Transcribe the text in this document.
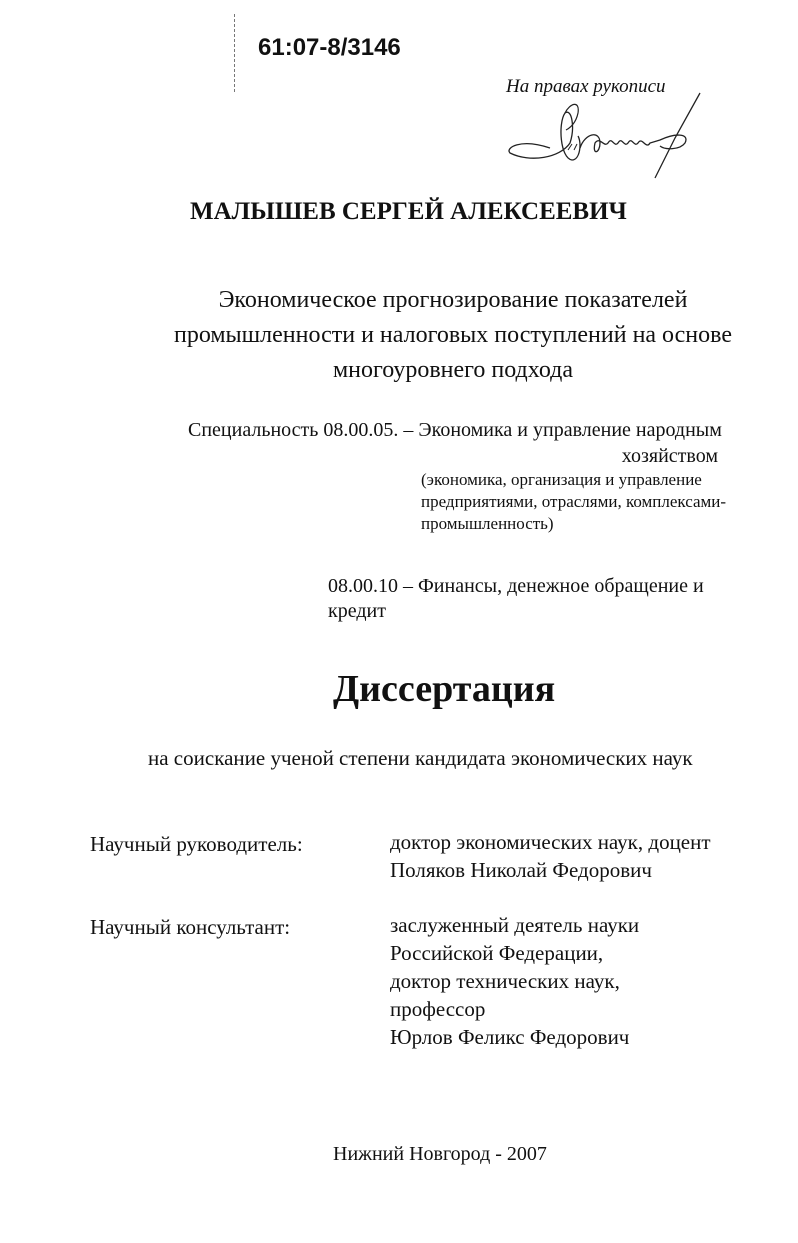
61:07-8/3146
На правах рукописи
МАЛЫШЕВ СЕРГЕЙ АЛЕКСЕЕВИЧ
Экономическое прогнозирование показателей
промышленности и налоговых поступлений на основе
многоуровнего подхода
Специальность 08.00.05. – Экономика и управление народным
хозяйством
(экономика, организация и управление
предприятиями, отраслями, комплексами-
промышленность)
08.00.10 – Финансы, денежное обращение и
кредит
Диссертация
на соискание ученой степени кандидата экономических наук
Научный руководитель:	доктор экономических наук, доцент
Поляков Николай Федорович
Научный консультант:	заслуженный деятель науки
Российской Федерации,
доктор технических наук,
профессор
Юрлов Феликс Федорович
Нижний Новгород - 2007
